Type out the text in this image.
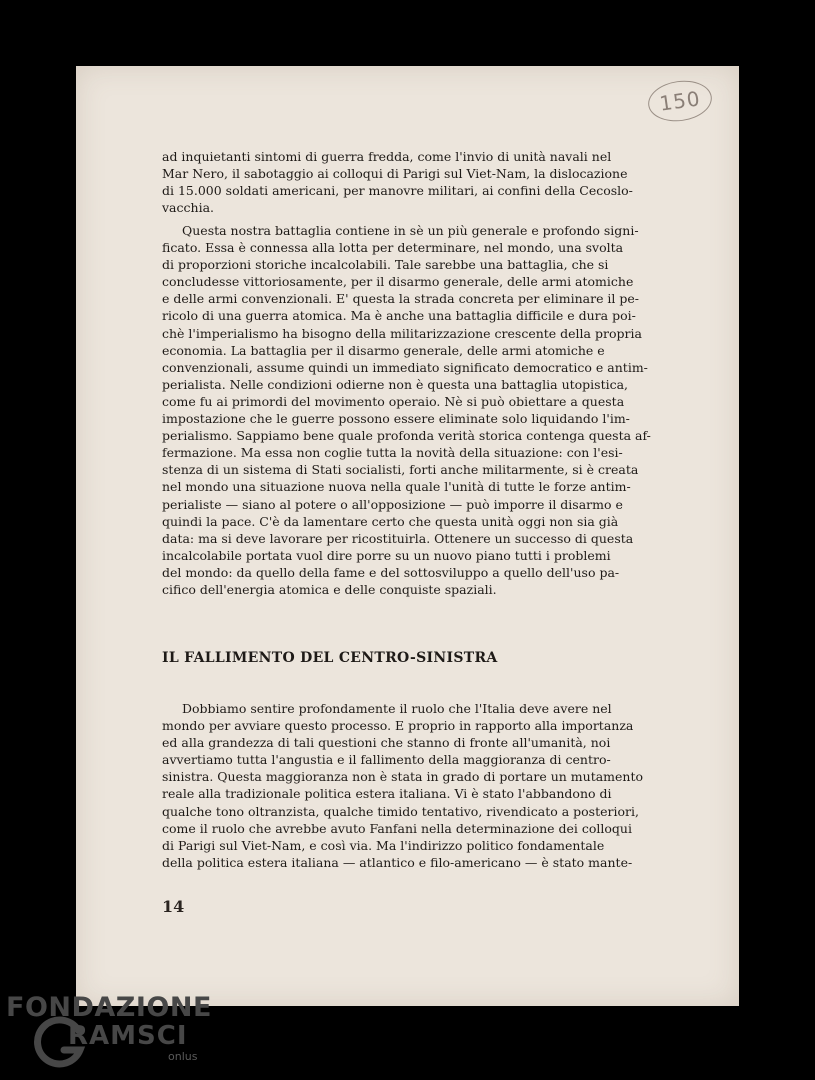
150
ad inquietanti sintomi di guerra fredda, come l'invio di unità navali nel
Mar Nero, il sabotaggio ai colloqui di Parigi sul Viet-Nam, la dislocazione
di 15.000 soldati americani, per manovre militari, ai confini della Cecoslo-
vacchia.
Questa nostra battaglia contiene in sè un più generale e profondo signi-
ficato. Essa è connessa alla lotta per determinare, nel mondo, una svolta
di proporzioni storiche incalcolabili. Tale sarebbe una battaglia, che si
concludesse vittoriosamente, per il disarmo generale, delle armi atomiche
e delle armi convenzionali. E' questa la strada concreta per eliminare il pe-
ricolo di una guerra atomica. Ma è anche una battaglia difficile e dura poi-
chè l'imperialismo ha bisogno della militarizzazione crescente della propria
economia. La battaglia per il disarmo generale, delle armi atomiche e
convenzionali, assume quindi un immediato significato democratico e antim-
perialista. Nelle condizioni odierne non è questa una battaglia utopistica,
come fu ai primordi del movimento operaio. Nè si può obiettare a questa
impostazione che le guerre possono essere eliminate solo liquidando l'im-
perialismo. Sappiamo bene quale profonda verità storica contenga questa af-
fermazione. Ma essa non coglie tutta la novità della situazione: con l'esi-
stenza di un sistema di Stati socialisti, forti anche militarmente, si è creata
nel mondo una situazione nuova nella quale l'unità di tutte le forze antim-
perialiste — siano al potere o all'opposizione — può imporre il disarmo e
quindi la pace. C'è da lamentare certo che questa unità oggi non sia già
data: ma si deve lavorare per ricostituirla. Ottenere un successo di questa
incalcolabile portata vuol dire porre su un nuovo piano tutti i problemi
del mondo: da quello della fame e del sottosviluppo a quello dell'uso pa-
cifico dell'energia atomica e delle conquiste spaziali.
IL FALLIMENTO DEL CENTRO-SINISTRA
Dobbiamo sentire profondamente il ruolo che l'Italia deve avere nel
mondo per avviare questo processo. E proprio in rapporto alla importanza
ed alla grandezza di tali questioni che stanno di fronte all'umanità, noi
avvertiamo tutta l'angustia e il fallimento della maggioranza di centro-
sinistra. Questa maggioranza non è stata in grado di portare un mutamento
reale alla tradizionale politica estera italiana. Vi è stato l'abbandono di
qualche tono oltranzista, qualche timido tentativo, rivendicato a posteriori,
come il ruolo che avrebbe avuto Fanfani nella determinazione dei colloqui
di Parigi sul Viet-Nam, e così via. Ma l'indirizzo politico fondamentale
della politica estera italiana — atlantico e filo-americano — è stato mante-
14
FONDAZIONE
RAMSCI
onlus
